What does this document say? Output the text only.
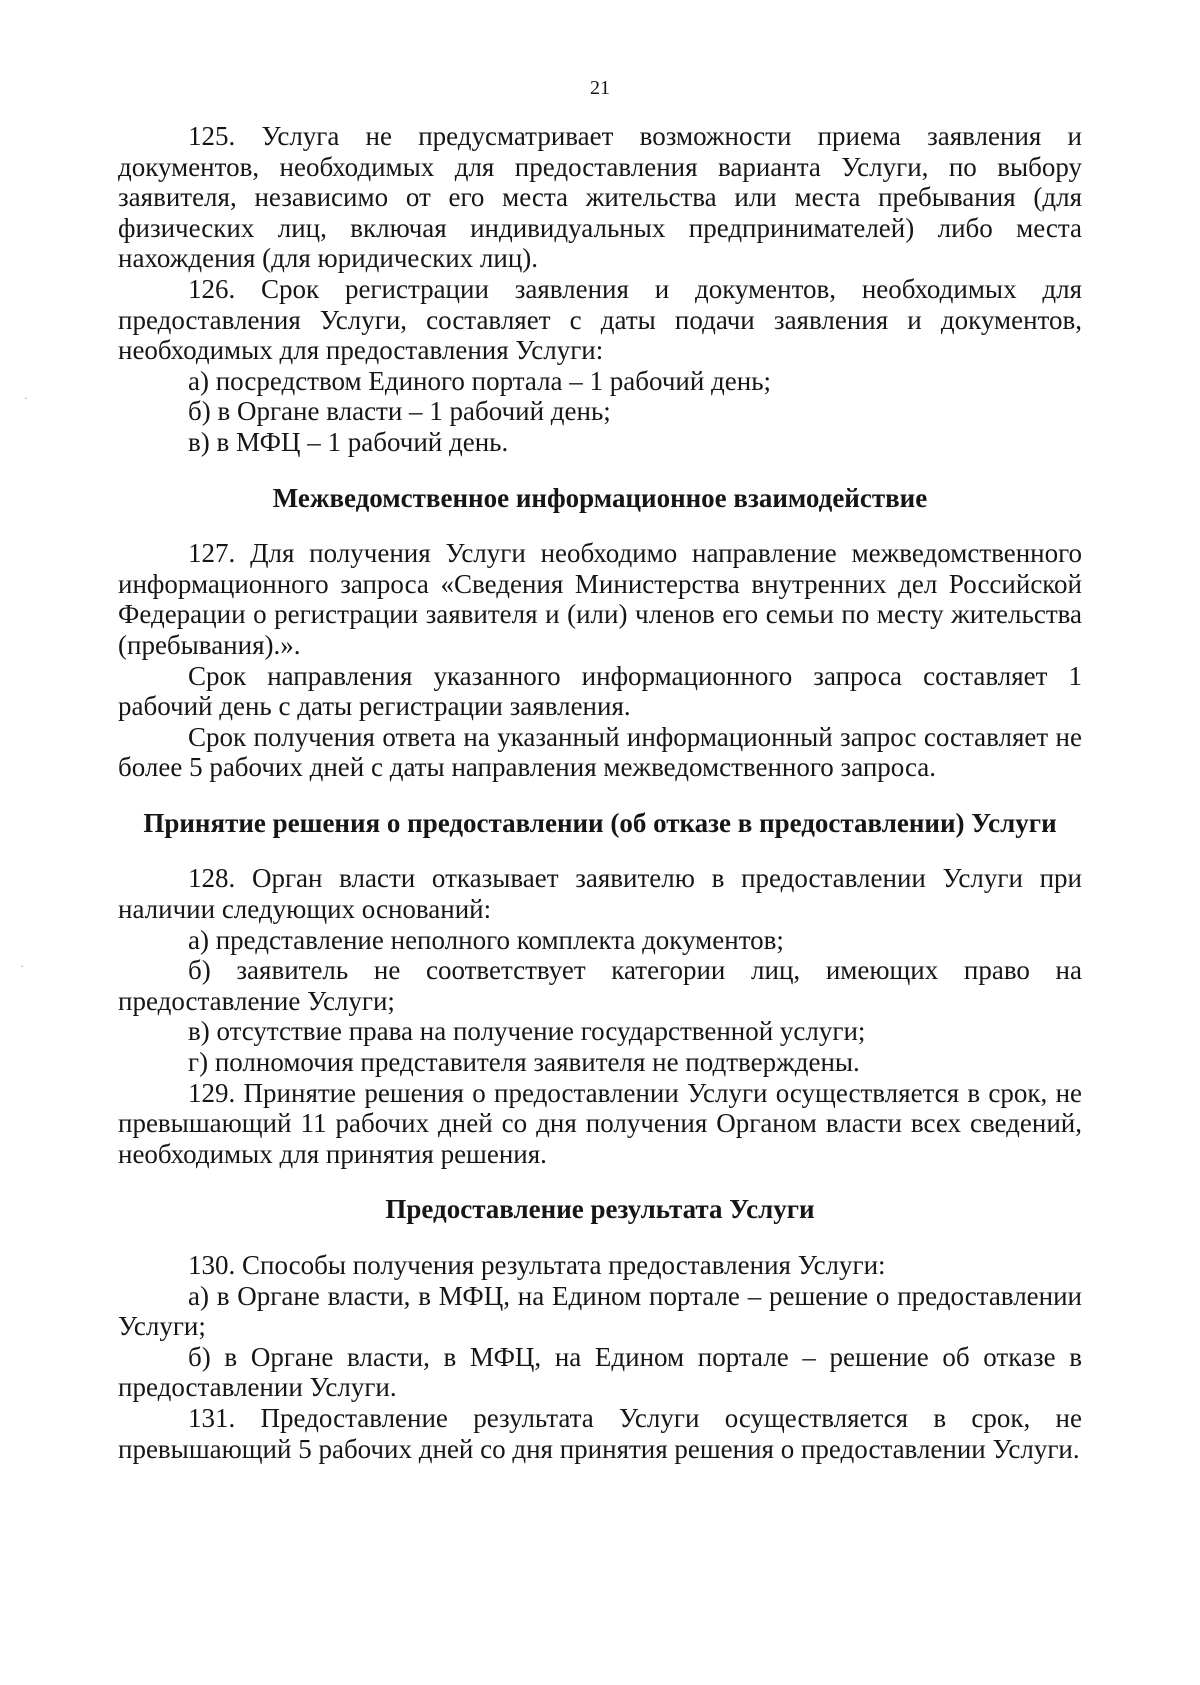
21

125. Услуга не предусматривает возможности приема заявления и документов, необходимых для предоставления варианта Услуги, по выбору заявителя, независимо от его места жительства или места пребывания (для физических лиц, включая индивидуальных предпринимателей) либо места нахождения (для юридических лиц).

126. Срок регистрации заявления и документов, необходимых для предоставления Услуги, составляет с даты подачи заявления и документов, необходимых для предоставления Услуги:

а) посредством Единого портала – 1 рабочий день;

б) в Органе власти – 1 рабочий день;

в) в МФЦ – 1 рабочий день.

Межведомственное информационное взаимодействие

127. Для получения Услуги необходимо направление межведомственного информационного запроса «Сведения Министерства внутренних дел Российской Федерации о регистрации заявителя и (или) членов его семьи по месту жительства (пребывания).».

Срок направления указанного информационного запроса составляет 1 рабочий день с даты регистрации заявления.

Срок получения ответа на указанный информационный запрос составляет не более 5 рабочих дней с даты направления межведомственного запроса.

Принятие решения о предоставлении (об отказе в предоставлении) Услуги

128. Орган власти отказывает заявителю в предоставлении Услуги при наличии следующих оснований:

а) представление неполного комплекта документов;

б) заявитель не соответствует категории лиц, имеющих право на предоставление Услуги;

в) отсутствие права на получение государственной услуги;

г) полномочия представителя заявителя не подтверждены.

129. Принятие решения о предоставлении Услуги осуществляется в срок, не превышающий 11 рабочих дней со дня получения Органом власти всех сведений, необходимых для принятия решения.

Предоставление результата Услуги

130. Способы получения результата предоставления Услуги:

а) в Органе власти, в МФЦ, на Едином портале – решение о предоставлении Услуги;

б) в Органе власти, в МФЦ, на Едином портале – решение об отказе в предоставлении Услуги.

131. Предоставление результата Услуги осуществляется в срок, не превышающий 5 рабочих дней со дня принятия решения о предоставлении Услуги.

·
·
